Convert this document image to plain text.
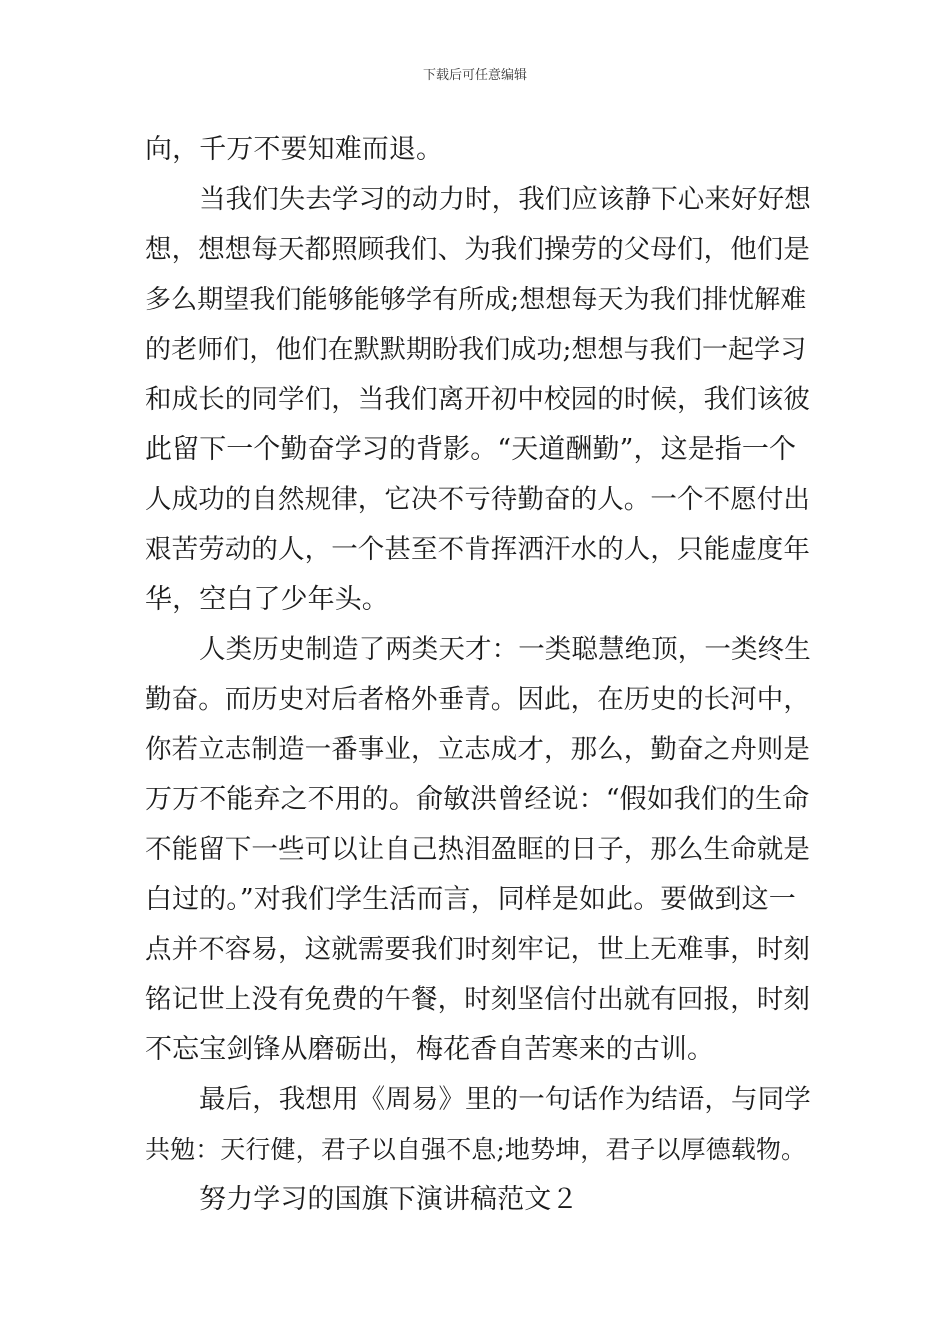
下载后可任意编辑

向，千万不要知难而退。

当我们失去学习的动力时，我们应该静下心来好好想

想，想想每天都照顾我们、为我们操劳的父母们，他们是

多么期望我们能够能够学有所成;想想每天为我们排忧解难

的老师们，他们在默默期盼我们成功;想想与我们一起学习

和成长的同学们，当我们离开初中校园的时候，我们该彼

此留下一个勤奋学习的背影。“天道酬勤”，这是指一个

人成功的自然规律，它决不亏待勤奋的人。一个不愿付出

艰苦劳动的人，一个甚至不肯挥洒汗水的人，只能虚度年

华，空白了少年头。

人类历史制造了两类天才：一类聪慧绝顶，一类终生

勤奋。而历史对后者格外垂青。因此，在历史的长河中，

你若立志制造一番事业，立志成才，那么，勤奋之舟则是

万万不能弃之不用的。俞敏洪曾经说：“假如我们的生命

不能留下一些可以让自己热泪盈眶的日子，那么生命就是

白过的。”对我们学生活而言，同样是如此。要做到这一

点并不容易，这就需要我们时刻牢记，世上无难事，时刻

铭记世上没有免费的午餐，时刻坚信付出就有回报，时刻

不忘宝剑锋从磨砺出，梅花香自苦寒来的古训。

最后，我想用《周易》里的一句话作为结语，与同学

共勉：天行健，君子以自强不息;地势坤，君子以厚德载物。

努力学习的国旗下演讲稿范文２
